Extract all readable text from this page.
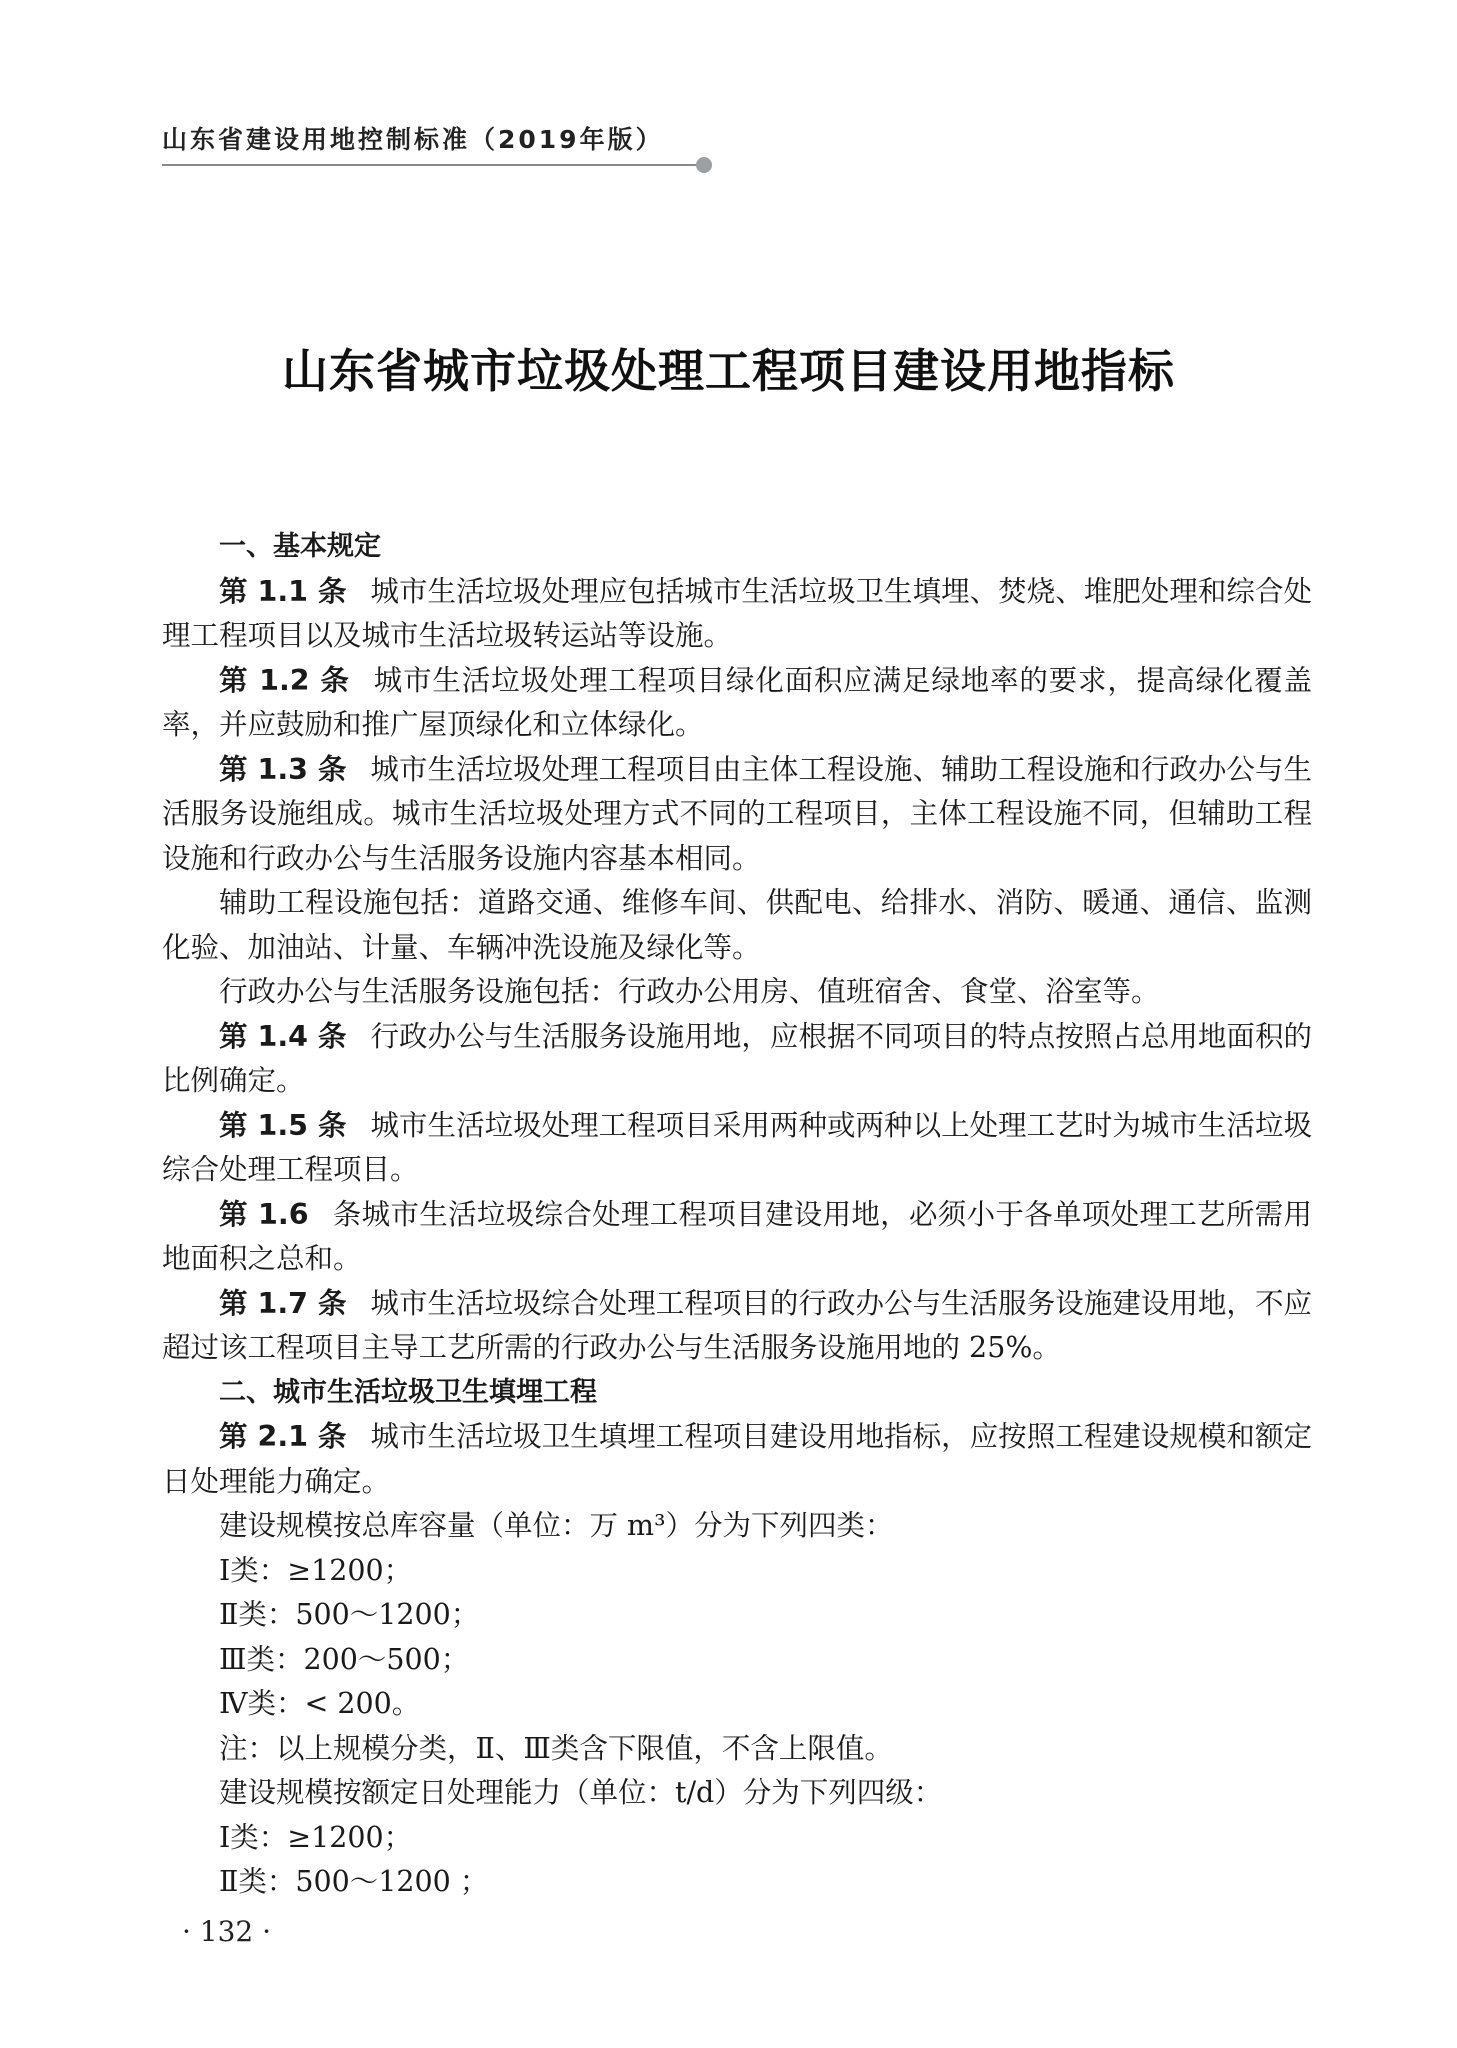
山东省建设用地控制标准（2019年版）
山东省城市垃圾处理工程项目建设用地指标

一、基本规定

第 1.1 条 城市生活垃圾处理应包括城市生活垃圾卫生填埋、焚烧、堆肥处理和综合处理工程项目以及城市生活垃圾转运站等设施。

第 1.2 条 城市生活垃圾处理工程项目绿化面积应满足绿地率的要求，提高绿化覆盖率，并应鼓励和推广屋顶绿化和立体绿化。

第 1.3 条 城市生活垃圾处理工程项目由主体工程设施、辅助工程设施和行政办公与生活服务设施组成。城市生活垃圾处理方式不同的工程项目，主体工程设施不同，但辅助工程设施和行政办公与生活服务设施内容基本相同。

辅助工程设施包括：道路交通、维修车间、供配电、给排水、消防、暖通、通信、监测化验、加油站、计量、车辆冲洗设施及绿化等。

行政办公与生活服务设施包括：行政办公用房、值班宿舍、食堂、浴室等。

第 1.4 条 行政办公与生活服务设施用地，应根据不同项目的特点按照占总用地面积的比例确定。

第 1.5 条 城市生活垃圾处理工程项目采用两种或两种以上处理工艺时为城市生活垃圾综合处理工程项目。

第 1.6 条城市生活垃圾综合处理工程项目建设用地，必须小于各单项处理工艺所需用地面积之总和。

第 1.7 条 城市生活垃圾综合处理工程项目的行政办公与生活服务设施建设用地，不应超过该工程项目主导工艺所需的行政办公与生活服务设施用地的 25%。

二、城市生活垃圾卫生填埋工程

第 2.1 条 城市生活垃圾卫生填埋工程项目建设用地指标，应按照工程建设规模和额定日处理能力确定。

建设规模按总库容量（单位：万 m³）分为下列四类：

Ⅰ类：≥1200；

Ⅱ类：500～1200；

Ⅲ类：200～500；

Ⅳ类：< 200。

注：以上规模分类，Ⅱ、Ⅲ类含下限值，不含上限值。

建设规模按额定日处理能力（单位：t/d）分为下列四级：

Ⅰ类：≥1200；

Ⅱ类：500～1200 ；

· 132 ·
